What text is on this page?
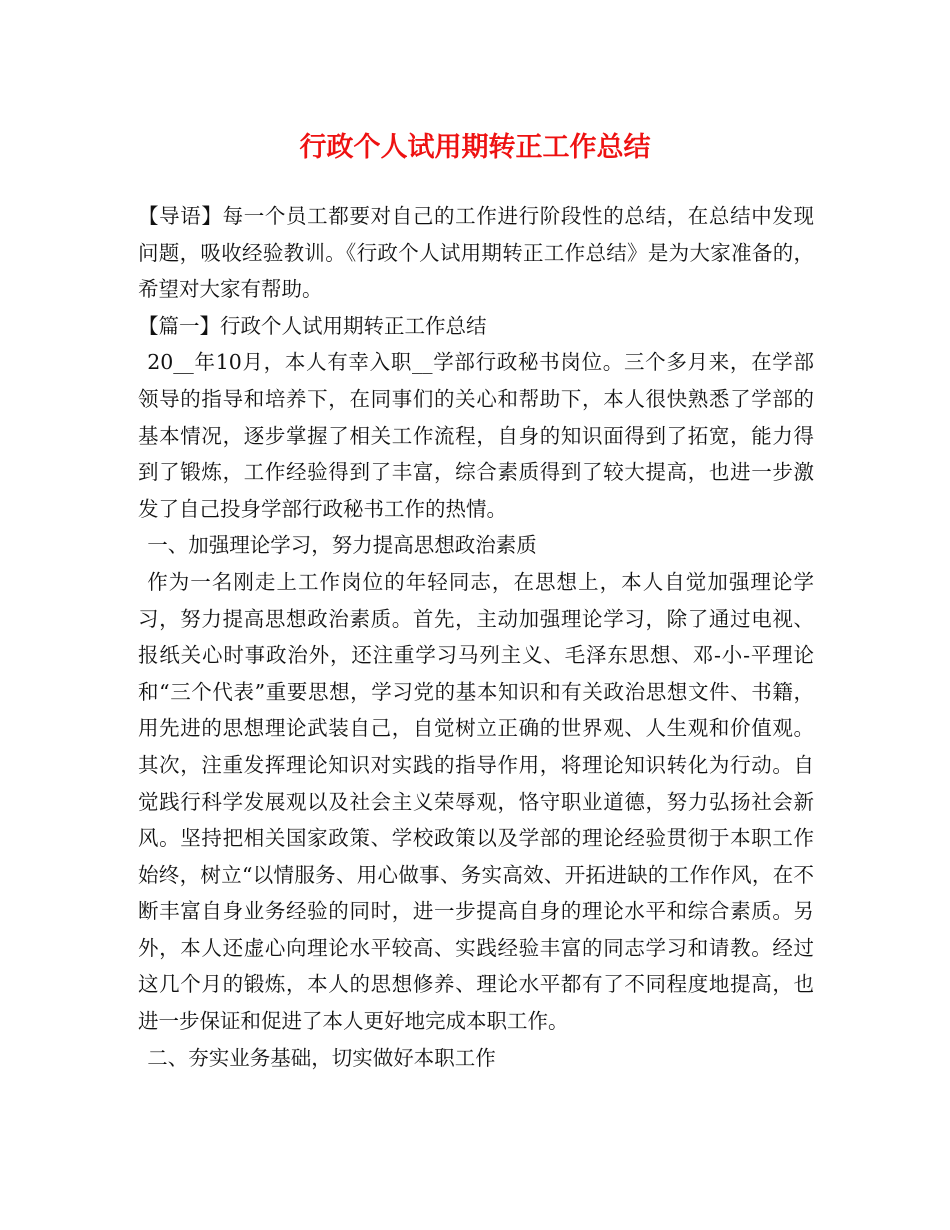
行政个人试用期转正工作总结

【导语】每一个员工都要对自己的工作进行阶段性的总结，在总结中发现问题，吸收经验教训。《行政个人试用期转正工作总结》是为大家准备的，希望对大家有帮助。

【篇一】行政个人试用期转正工作总结

20__年10月，本人有幸入职__学部行政秘书岗位。三个多月来，在学部领导的指导和培养下，在同事们的关心和帮助下，本人很快熟悉了学部的基本情况，逐步掌握了相关工作流程，自身的知识面得到了拓宽，能力得到了锻炼，工作经验得到了丰富，综合素质得到了较大提高，也进一步激发了自己投身学部行政秘书工作的热情。

一、加强理论学习，努力提高思想政治素质

作为一名刚走上工作岗位的年轻同志，在思想上，本人自觉加强理论学习，努力提高思想政治素质。首先，主动加强理论学习，除了通过电视、报纸关心时事政治外，还注重学习马列主义、毛泽东思想、邓-小-平理论和“三个代表”重要思想，学习党的基本知识和有关政治思想文件、书籍，用先进的思想理论武装自己，自觉树立正确的世界观、人生观和价值观。其次，注重发挥理论知识对实践的指导作用，将理论知识转化为行动。自觉践行科学发展观以及社会主义荣辱观，恪守职业道德，努力弘扬社会新风。坚持把相关国家政策、学校政策以及学部的理论经验贯彻于本职工作始终，树立“以情服务、用心做事、务实高效、开拓进缺的工作作风，在不断丰富自身业务经验的同时，进一步提高自身的理论水平和综合素质。另外，本人还虚心向理论水平较高、实践经验丰富的同志学习和请教。经过这几个月的锻炼，本人的思想修养、理论水平都有了不同程度地提高，也进一步保证和促进了本人更好地完成本职工作。

二、夯实业务基础，切实做好本职工作
